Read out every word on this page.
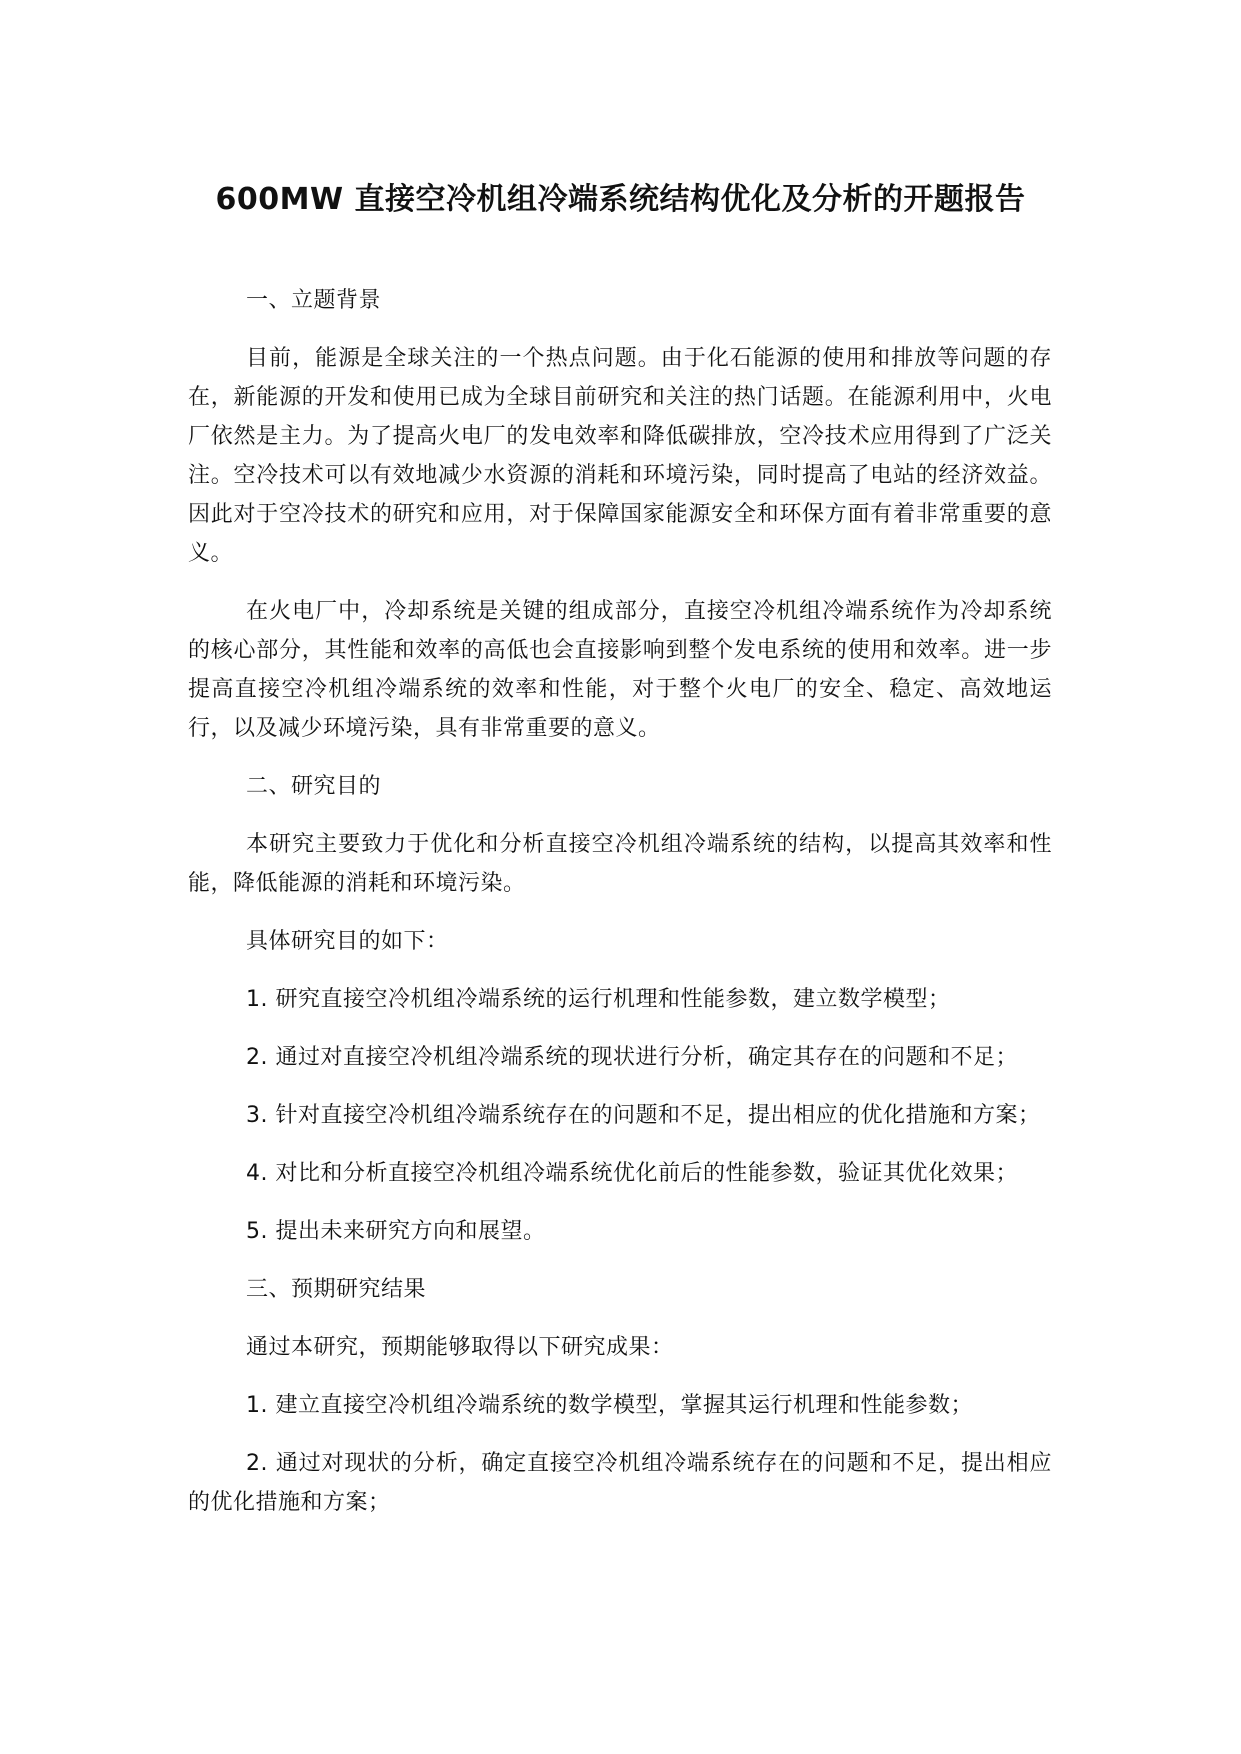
600MW 直接空冷机组冷端系统结构优化及分析的开题报告

一、立题背景

目前，能源是全球关注的一个热点问题。由于化石能源的使用和排放等问题的存在，新能源的开发和使用已成为全球目前研究和关注的热门话题。在能源利用中，火电厂依然是主力。为了提高火电厂的发电效率和降低碳排放，空冷技术应用得到了广泛关注。空冷技术可以有效地减少水资源的消耗和环境污染，同时提高了电站的经济效益。因此对于空冷技术的研究和应用，对于保障国家能源安全和环保方面有着非常重要的意义。

在火电厂中，冷却系统是关键的组成部分，直接空冷机组冷端系统作为冷却系统的核心部分，其性能和效率的高低也会直接影响到整个发电系统的使用和效率。进一步提高直接空冷机组冷端系统的效率和性能，对于整个火电厂的安全、稳定、高效地运行，以及减少环境污染，具有非常重要的意义。

二、研究目的

本研究主要致力于优化和分析直接空冷机组冷端系统的结构，以提高其效率和性能，降低能源的消耗和环境污染。

具体研究目的如下：

1. 研究直接空冷机组冷端系统的运行机理和性能参数，建立数学模型；

2. 通过对直接空冷机组冷端系统的现状进行分析，确定其存在的问题和不足；

3. 针对直接空冷机组冷端系统存在的问题和不足，提出相应的优化措施和方案；

4. 对比和分析直接空冷机组冷端系统优化前后的性能参数，验证其优化效果；

5. 提出未来研究方向和展望。

三、预期研究结果

通过本研究，预期能够取得以下研究成果：

1. 建立直接空冷机组冷端系统的数学模型，掌握其运行机理和性能参数；

2. 通过对现状的分析，确定直接空冷机组冷端系统存在的问题和不足，提出相应的优化措施和方案；
